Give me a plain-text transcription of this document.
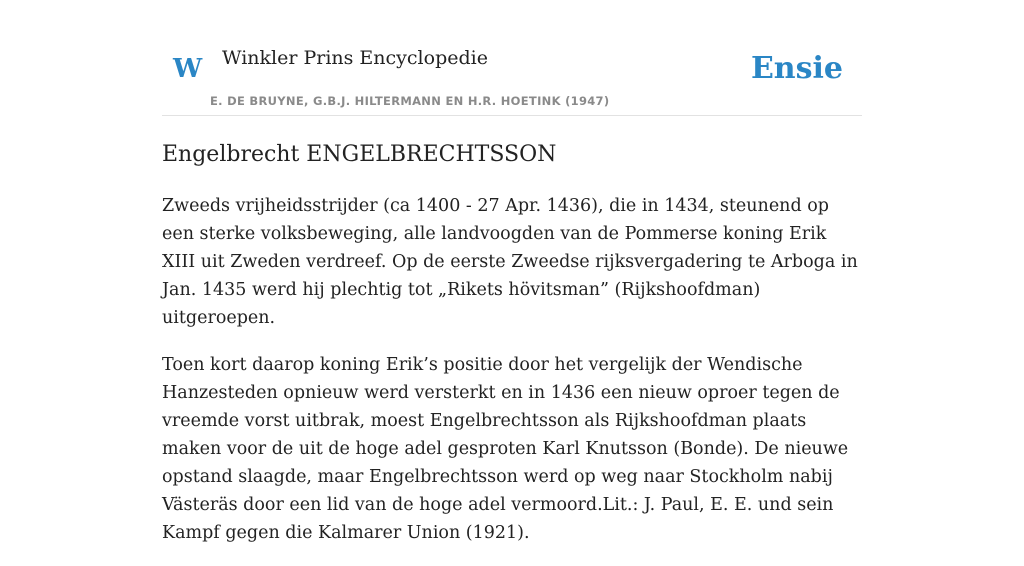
W Winkler Prins Encyclopedie
E. DE BRUYNE, G.B.J. HILTERMANN EN H.R. HOETINK (1947)
Ensie
Engelbrecht ENGELBRECHTSSON

Zweeds vrijheidsstrijder (ca 1400 - 27 Apr. 1436), die in 1434, steunend op een sterke volksbeweging, alle landvoogden van de Pommerse koning Erik XIII uit Zweden verdreef. Op de eerste Zweedse rijksvergadering te Arboga in Jan. 1435 werd hij plechtig tot „Rikets hövitsman” (Rijkshoofdman) uitgeroepen.

Toen kort daarop koning Erik’s positie door het vergelijk der Wendische Hanzesteden opnieuw werd versterkt en in 1436 een nieuw oproer tegen de vreemde vorst uitbrak, moest Engelbrechtsson als Rijkshoofdman plaats maken voor de uit de hoge adel gesproten Karl Knutsson (Bonde). De nieuwe opstand slaagde, maar Engelbrechtsson werd op weg naar Stockholm nabij Västeräs door een lid van de hoge adel vermoord.Lit.: J. Paul, E. E. und sein Kampf gegen die Kalmarer Union (1921).
